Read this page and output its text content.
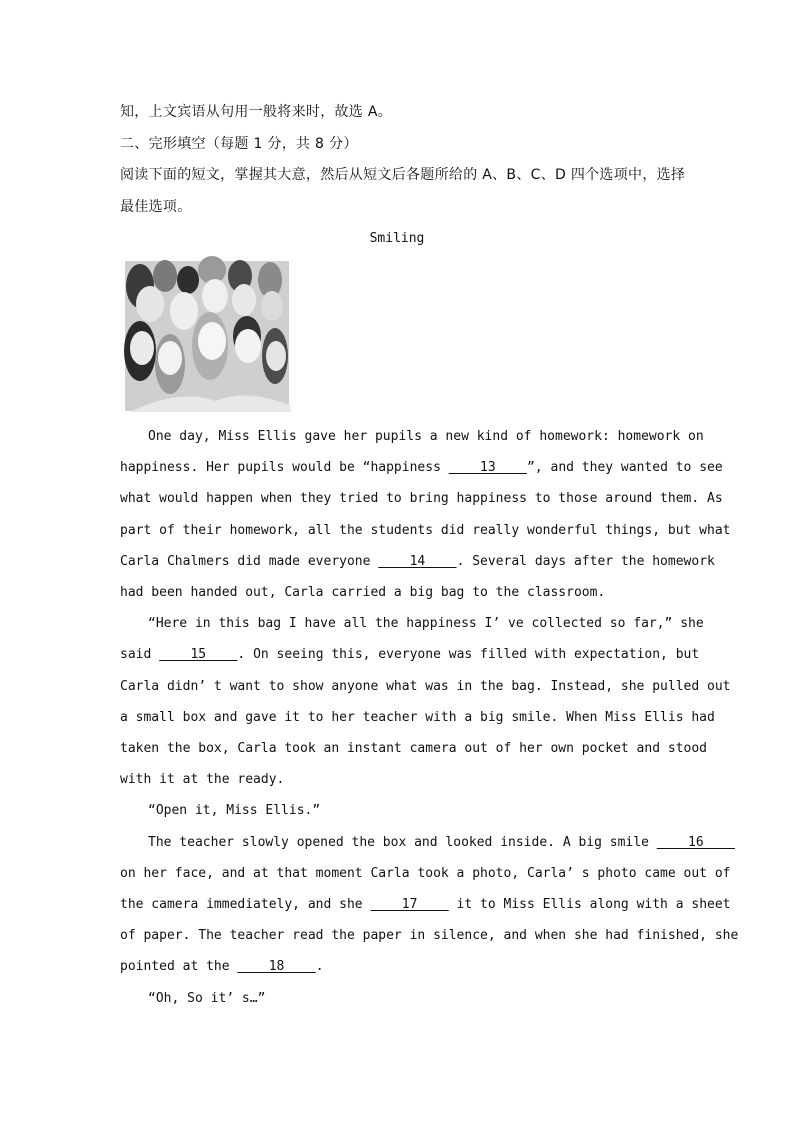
知，上文宾语从句用一般将来时，故选 A。
二、完形填空（每题 1 分，共 8 分）
阅读下面的短文，掌握其大意，然后从短文后各题所给的 A、B、C、D 四个选项中，选择
最佳选项。
Smiling
One day, Miss Ellis gave her pupils a new kind of homework: homework on
happiness. Her pupils would be “happiness     13    ”, and they wanted to see
what would happen when they tried to bring happiness to those around them. As
part of their homework, all the students did really wonderful things, but what
Carla Chalmers did made everyone     14    . Several days after the homework
had been handed out, Carla carried a big bag to the classroom.
“Here in this bag I have all the happiness I’ ve collected so far,” she
said     15    . On seeing this, everyone was filled with expectation, but
Carla didn’ t want to show anyone what was in the bag. Instead, she pulled out
a small box and gave it to her teacher with a big smile. When Miss Ellis had
taken the box, Carla took an instant camera out of her own pocket and stood
with it at the ready.
“Open it, Miss Ellis.”
The teacher slowly opened the box and looked inside. A big smile     16
on her face, and at that moment Carla took a photo, Carla’ s photo came out of
the camera immediately, and she     17     it to Miss Ellis along with a sheet
of paper. The teacher read the paper in silence, and when she had finished, she
pointed at the     18    .
“Oh, So it’ s…”
